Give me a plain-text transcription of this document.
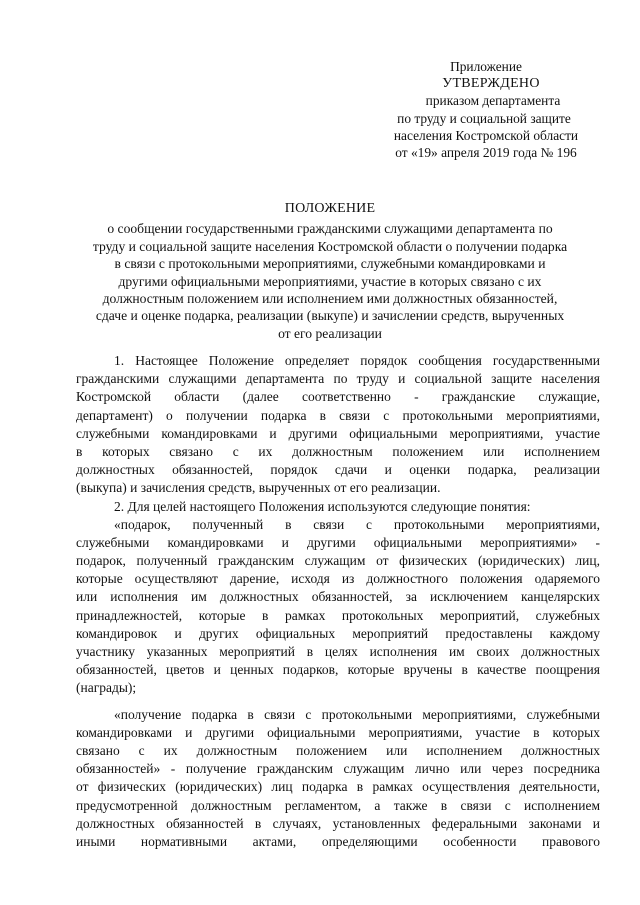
Приложение
УТВЕРЖДЕНО
приказом департамента
по труду и социальной защите
населения Костромской области
от «19» апреля 2019 года № 196
ПОЛОЖЕНИЕ
о сообщении государственными гражданскими служащими департамента по
труду и социальной защите населения Костромской области о получении подарка
в связи с протокольными мероприятиями, служебными командировками и
другими официальными мероприятиями, участие в которых связано с их
должностным положением или исполнением ими должностных обязанностей,
сдаче и оценке подарка, реализации (выкупе) и зачислении средств, вырученных
от его реализации
1. Настоящее Положение определяет порядок сообщения государственными
гражданскими служащими департамента по труду и социальной защите населения
Костромской области (далее соответственно - гражданские служащие,
департамент) о получении подарка в связи с протокольными мероприятиями,
служебными командировками и другими официальными мероприятиями, участие
в которых связано с их должностным положением или исполнением
должностных обязанностей, порядок сдачи и оценки подарка, реализации
(выкупа) и зачисления средств, вырученных от его реализации.
2. Для целей настоящего Положения используются следующие понятия:
«подарок, полученный в связи с протокольными мероприятиями,
служебными командировками и другими официальными мероприятиями» -
подарок, полученный гражданским служащим от физических (юридических) лиц,
которые осуществляют дарение, исходя из должностного положения одаряемого
или исполнения им должностных обязанностей, за исключением канцелярских
принадлежностей, которые в рамках протокольных мероприятий, служебных
командировок и других официальных мероприятий предоставлены каждому
участнику указанных мероприятий в целях исполнения им своих должностных
обязанностей, цветов и ценных подарков, которые вручены в качестве поощрения
(награды);
«получение подарка в связи с протокольными мероприятиями, служебными
командировками и другими официальными мероприятиями, участие в которых
связано с их должностным положением или исполнением должностных
обязанностей» - получение гражданским служащим лично или через посредника
от физических (юридических) лиц подарка в рамках осуществления деятельности,
предусмотренной должностным регламентом, а также в связи с исполнением
должностных обязанностей в случаях, установленных федеральными законами и
иными нормативными актами, определяющими особенности правового
